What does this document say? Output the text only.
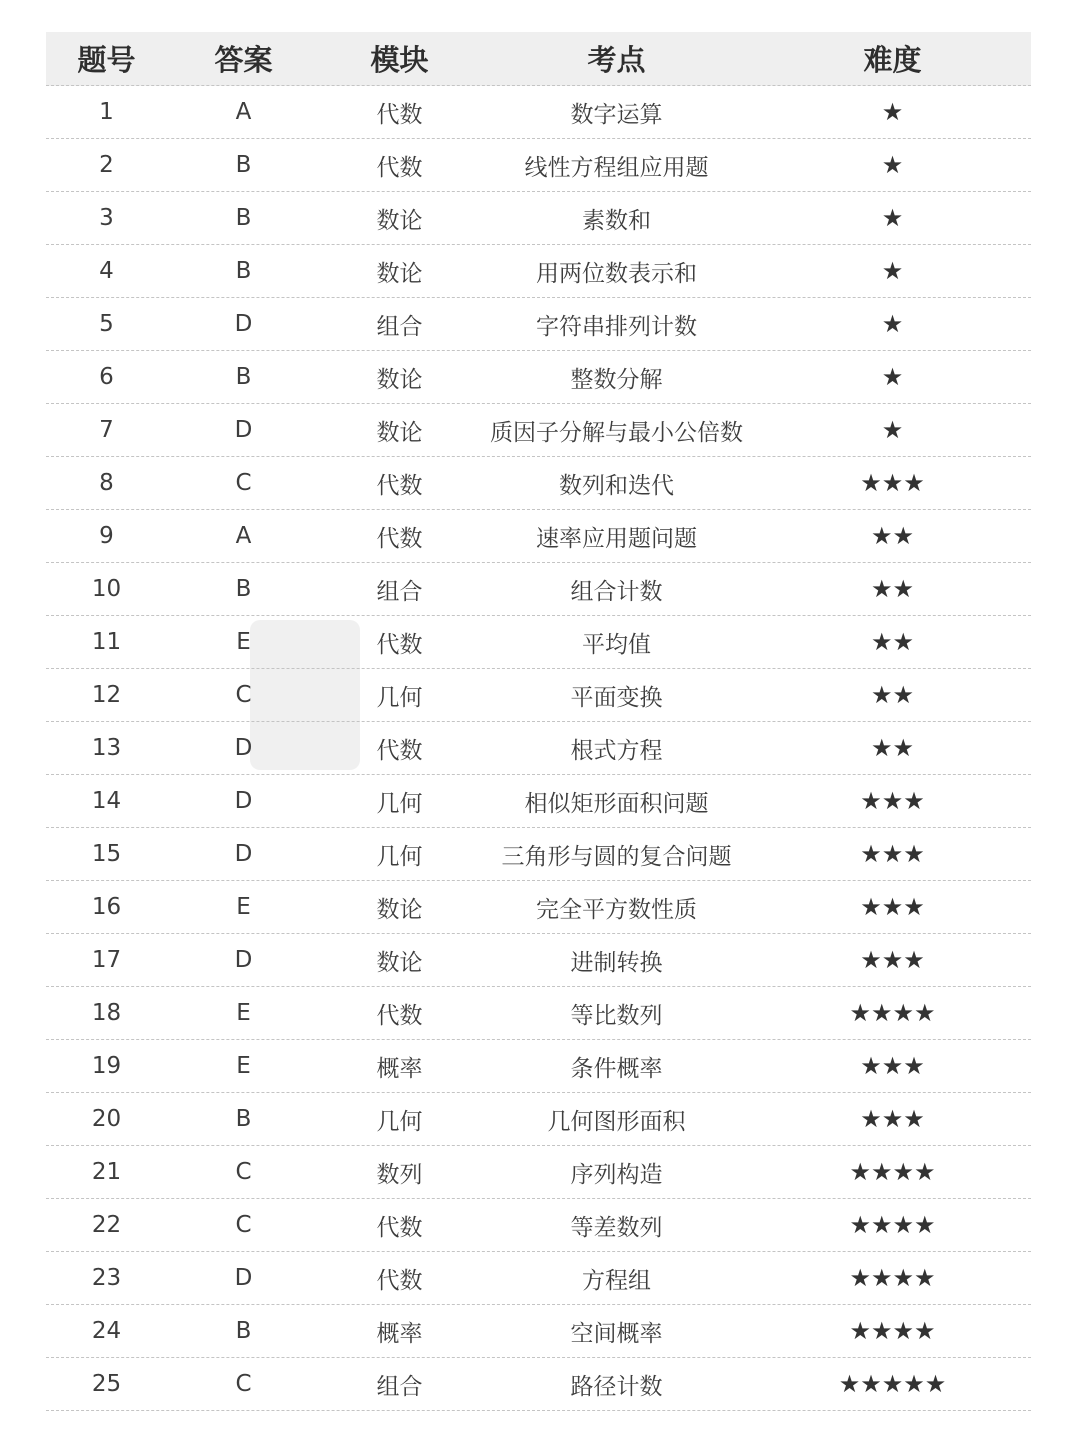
题号	答案	模块	考点	难度
1	A	代数	数字运算	★
2	B	代数	线性方程组应用题	★
3	B	数论	素数和	★
4	B	数论	用两位数表示和	★
5	D	组合	字符串排列计数	★
6	B	数论	整数分解	★
7	D	数论	质因子分解与最小公倍数	★
8	C	代数	数列和迭代	★★★
9	A	代数	速率应用题问题	★★
10	B	组合	组合计数	★★
11	E	代数	平均值	★★
12	C	几何	平面变换	★★
13	D	代数	根式方程	★★
14	D	几何	相似矩形面积问题	★★★
15	D	几何	三角形与圆的复合问题	★★★
16	E	数论	完全平方数性质	★★★
17	D	数论	进制转换	★★★
18	E	代数	等比数列	★★★★
19	E	概率	条件概率	★★★
20	B	几何	几何图形面积	★★★
21	C	数列	序列构造	★★★★
22	C	代数	等差数列	★★★★
23	D	代数	方程组	★★★★
24	B	概率	空间概率	★★★★
25	C	组合	路径计数	★★★★★
